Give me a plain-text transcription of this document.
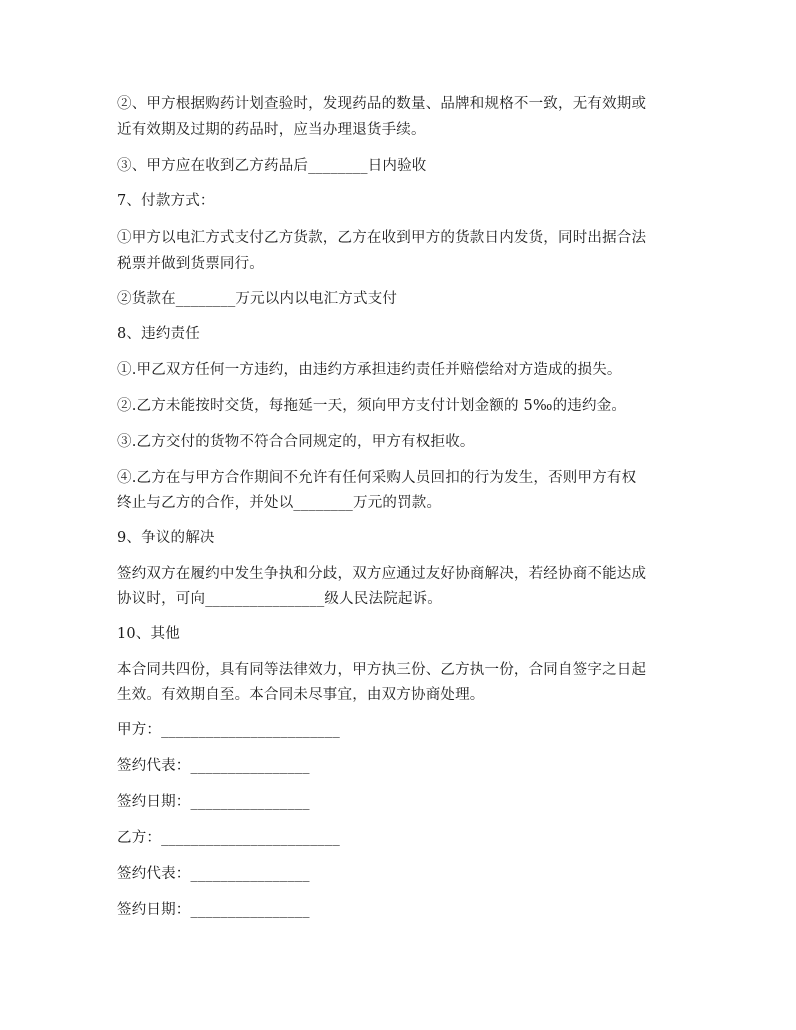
②、甲方根据购药计划查验时，发现药品的数量、品牌和规格不一致，无有效期或
近有效期及过期的药品时，应当办理退货手续。
③、甲方应在收到乙方药品后________日内验收
7、付款方式：
①甲方以电汇方式支付乙方货款，乙方在收到甲方的货款日内发货，同时出据合法
税票并做到货票同行。
②货款在________万元以内以电汇方式支付
8、违约责任
①.甲乙双方任何一方违约，由违约方承担违约责任并赔偿给对方造成的损失。
②.乙方未能按时交货，每拖延一天，须向甲方支付计划金额的 5‰的违约金。
③.乙方交付的货物不符合合同规定的，甲方有权拒收。
④.乙方在与甲方合作期间不允许有任何采购人员回扣的行为发生，否则甲方有权
终止与乙方的合作，并处以________万元的罚款。
9、争议的解决
签约双方在履约中发生争执和分歧，双方应通过友好协商解决，若经协商不能达成
协议时，可向________________级人民法院起诉。
10、其他
本合同共四份，具有同等法律效力，甲方执三份、乙方执一份，合同自签字之日起
生效。有效期自至。本合同未尽事宜，由双方协商处理。
甲方：________________________
签约代表：________________
签约日期：________________
乙方：________________________
签约代表：________________
签约日期：________________
